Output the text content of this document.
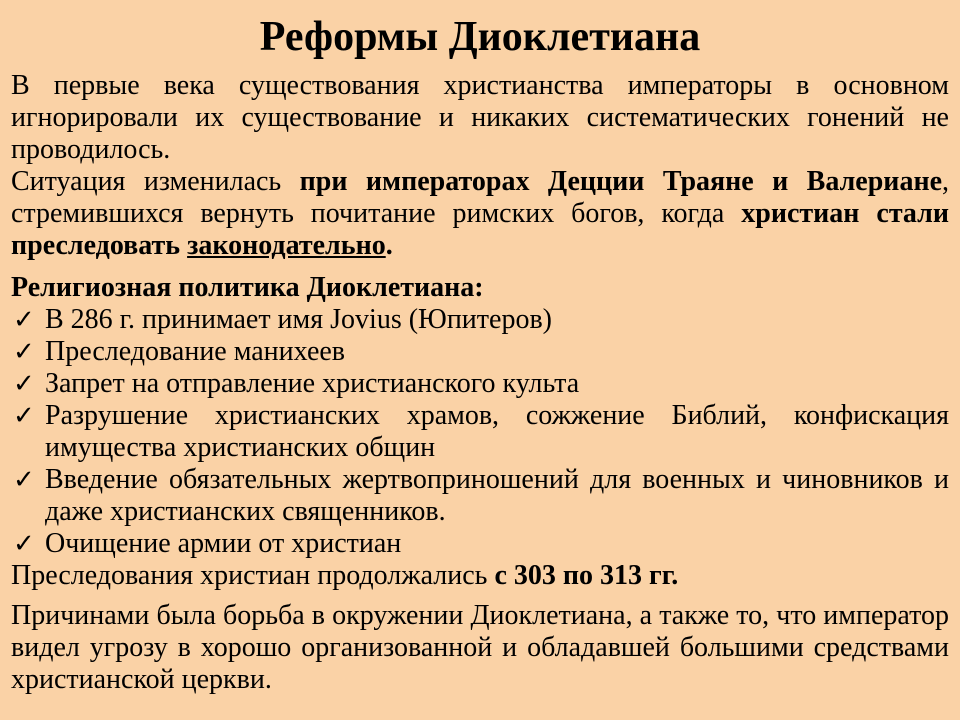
Реформы Диоклетиана

В первые века существования христианства императоры в основном игнорировали их существование и никаких систематических гонений не проводилось.

Ситуация изменилась при императорах Децции Траяне и Валериане, стремившихся вернуть почитание римских богов, когда христиан стали преследовать законодательно.

Религиозная политика Диоклетиана:

✓ В 286 г. принимает имя Jovius (Юпитеров)
✓ Преследование манихеев
✓ Запрет на отправление христианского культа
✓ Разрушение христианских храмов, сожжение Библий, конфискация имущества христианских общин
✓ Введение обязательных жертвоприношений для военных и чиновников и даже христианских священников.
✓ Очищение армии от христиан

Преследования христиан продолжались с 303 по 313 гг.

Причинами была борьба в окружении Диоклетиана, а также то, что император видел угрозу в хорошо организованной и обладавшей большими средствами христианской церкви.
